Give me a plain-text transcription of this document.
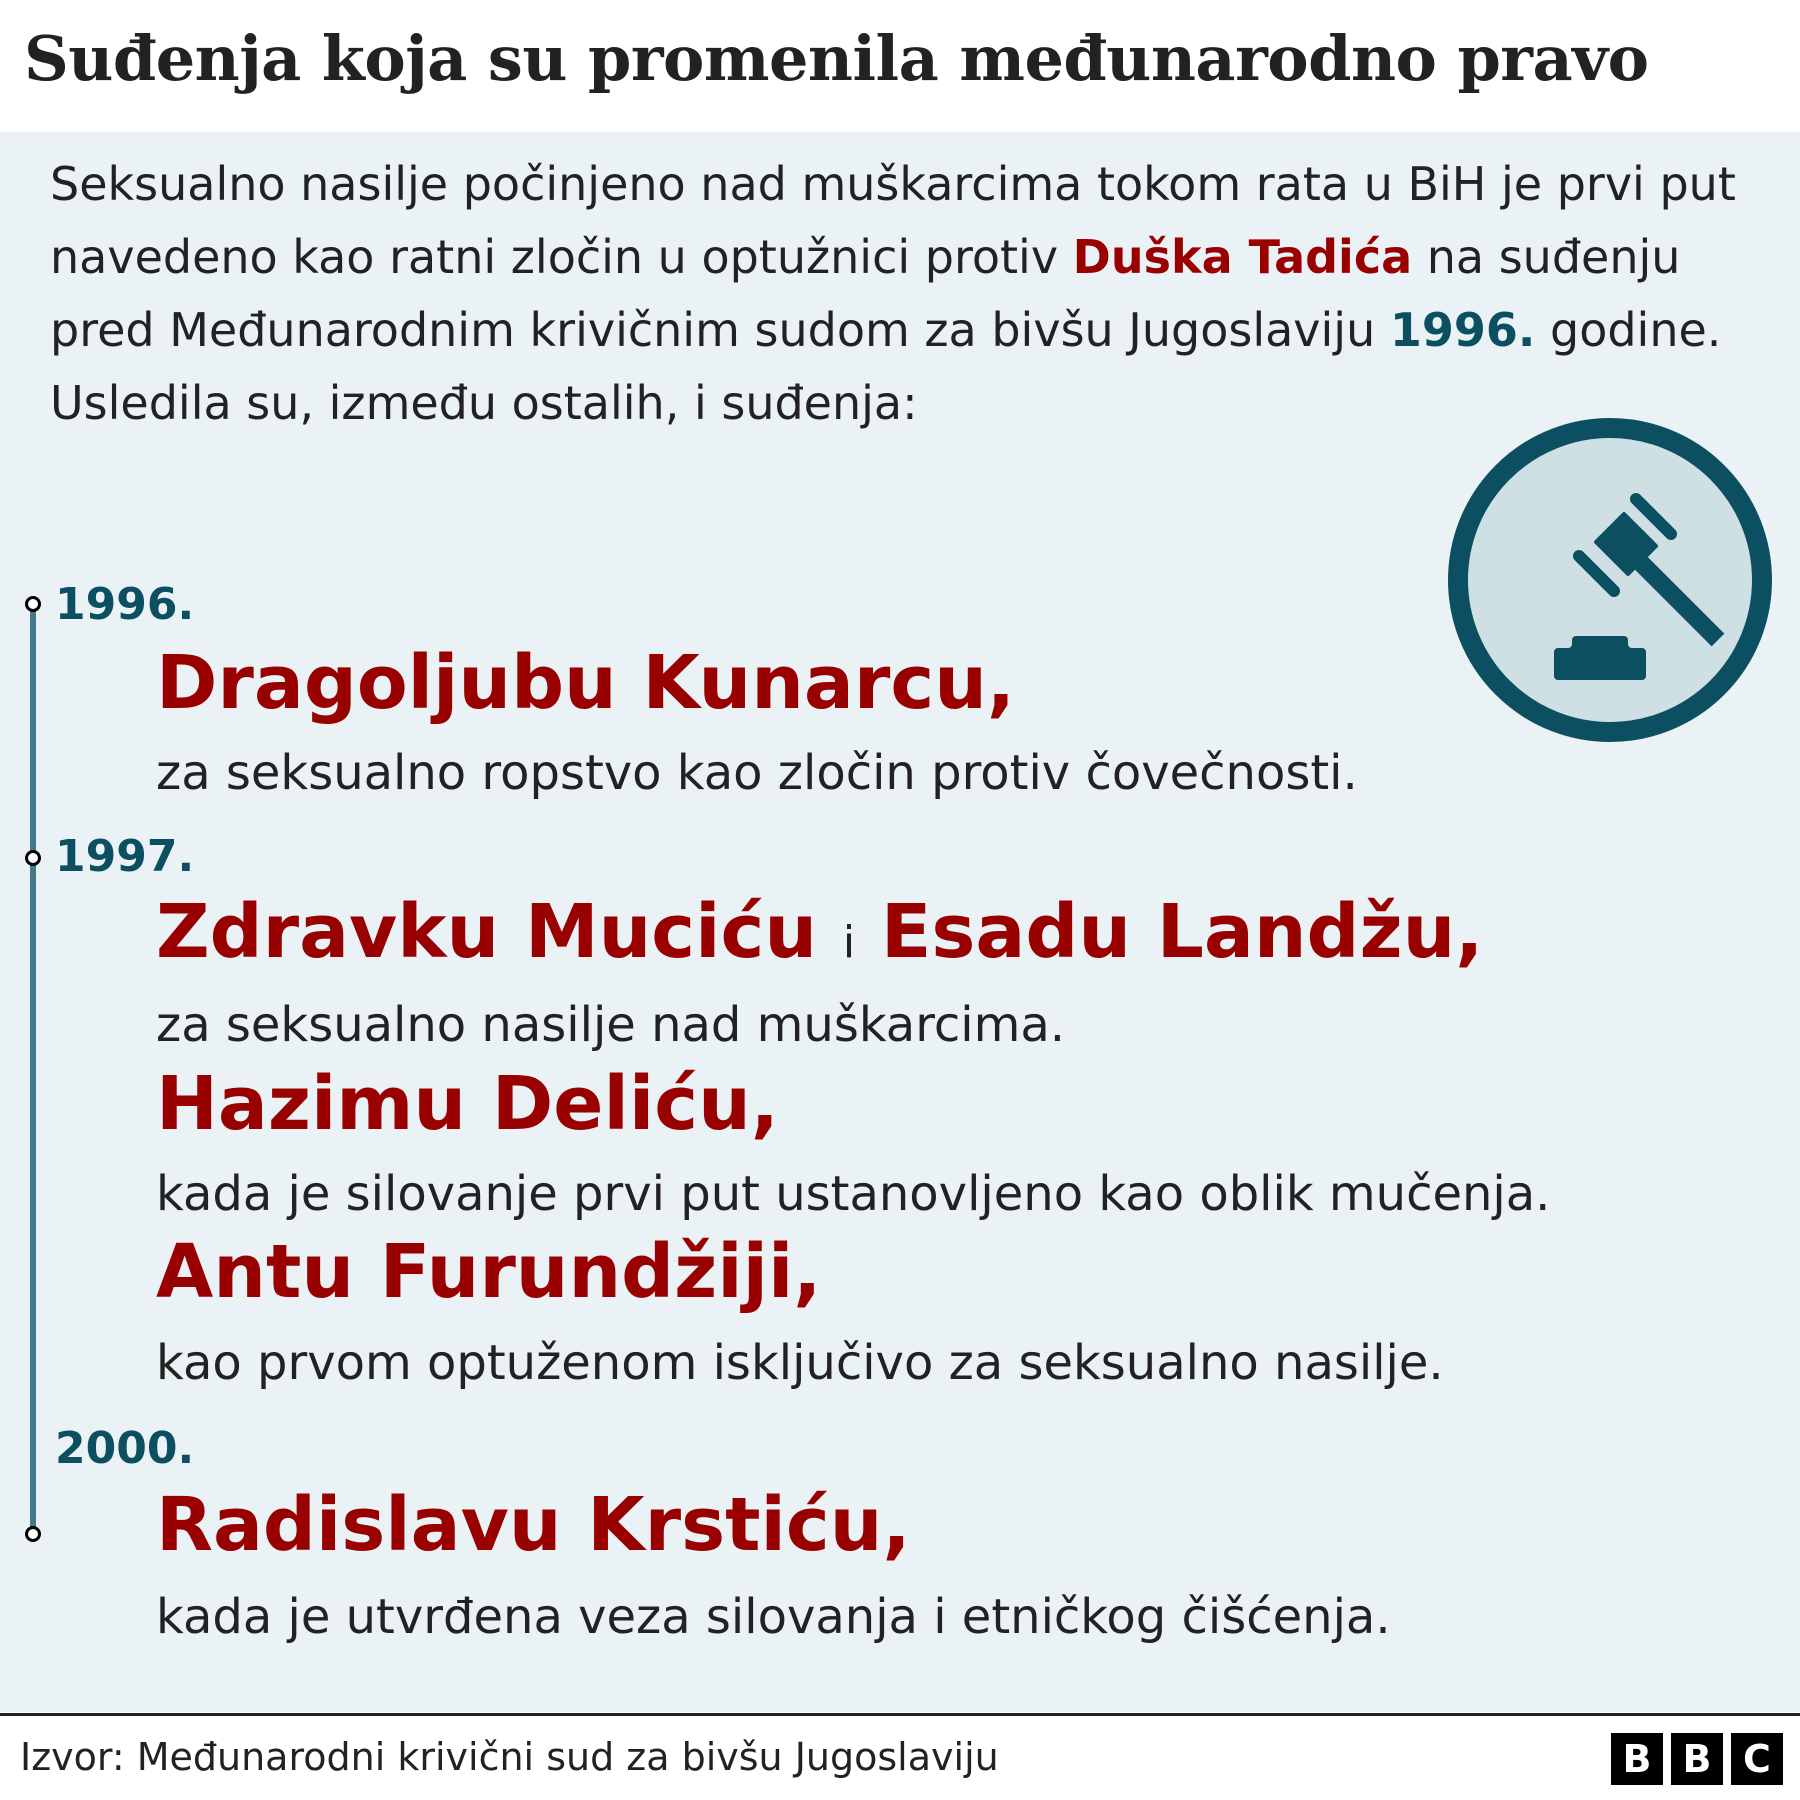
Suđenja koja su promenila međunarodno pravo
Seksualno nasilje počinjeno nad muškarcima tokom rata u BiH je prvi put navedeno kao ratni zločin u optužnici protiv Duška Tadića na suđenju pred Međunarodnim krivičnim sudom za bivšu Jugoslaviju 1996. godine.
Usledila su, između ostalih, i suđenja:
1996.
Dragoljubu Kunarcu,
za seksualno ropstvo kao zločin protiv čovečnosti.
1997.
Zdravku Muciću i Esadu Landžu,
za seksualno nasilje nad muškarcima.
Hazimu Deliću,
kada je silovanje prvi put ustanovljeno kao oblik mučenja.
Antu Furundžiji,
kao prvom optuženom isključivo za seksualno nasilje.
2000.
Radislavu Krstiću,
kada je utvrđena veza silovanja i etničkog čišćenja.
Izvor: Međunarodni krivični sud za bivšu Jugoslaviju	B B C
